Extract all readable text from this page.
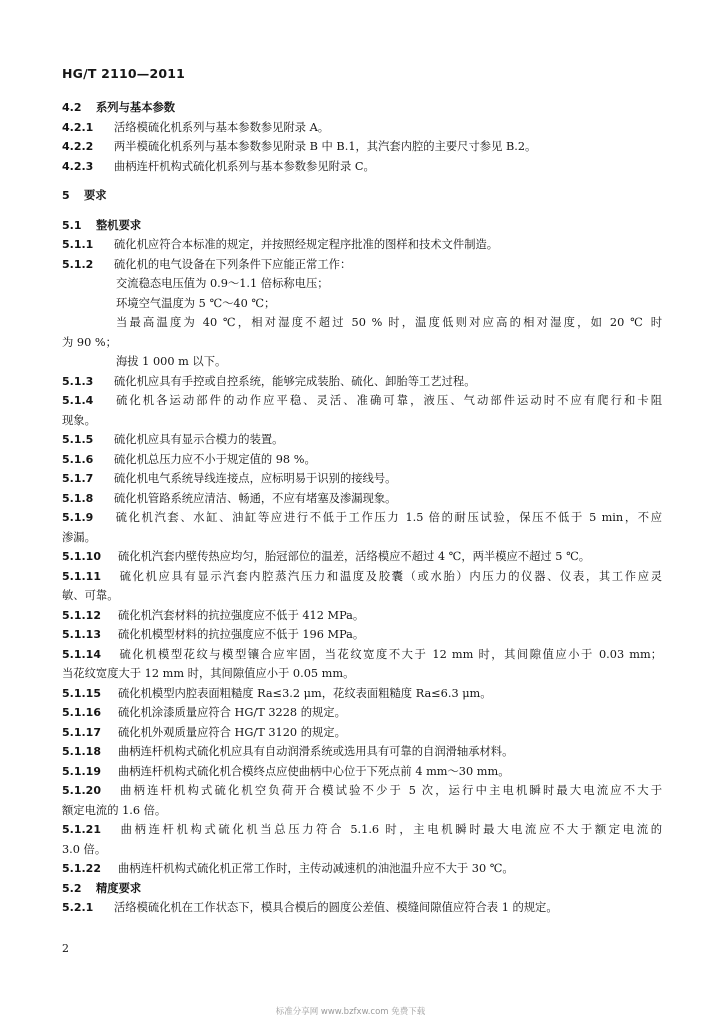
HG/T 2110—2011
4.2 系列与基本参数
4.2.1 活络模硫化机系列与基本参数参见附录 A。
4.2.2 两半模硫化机系列与基本参数参见附录 B 中 B.1，其汽套内腔的主要尺寸参见 B.2。
4.2.3 曲柄连杆机构式硫化机系列与基本参数参见附录 C。
5 要求
5.1 整机要求
5.1.1 硫化机应符合本标准的规定，并按照经规定程序批准的图样和技术文件制造。
5.1.2 硫化机的电气设备在下列条件下应能正常工作：
交流稳态电压值为 0.9～1.1 倍标称电压；
环境空气温度为 5 ℃～40 ℃；
当最高温度为 40 ℃，相对湿度不超过 50 % 时，温度低则对应高的相对湿度，如 20 ℃ 时
为 90 %；
海拔 1 000 m 以下。
5.1.3 硫化机应具有手控或自控系统，能够完成装胎、硫化、卸胎等工艺过程。
5.1.4 硫化机各运动部件的动作应平稳、灵活、准确可靠，液压、气动部件运动时不应有爬行和卡阻
现象。
5.1.5 硫化机应具有显示合模力的装置。
5.1.6 硫化机总压力应不小于规定值的 98 %。
5.1.7 硫化机电气系统导线连接点，应标明易于识别的接线号。
5.1.8 硫化机管路系统应清洁、畅通，不应有堵塞及渗漏现象。
5.1.9 硫化机汽套、水缸、油缸等应进行不低于工作压力 1.5 倍的耐压试验，保压不低于 5 min，不应
渗漏。
5.1.10 硫化机汽套内壁传热应均匀，胎冠部位的温差，活络模应不超过 4 ℃，两半模应不超过 5 ℃。
5.1.11 硫化机应具有显示汽套内腔蒸汽压力和温度及胶囊（或水胎）内压力的仪器、仪表，其工作应灵
敏、可靠。
5.1.12 硫化机汽套材料的抗拉强度应不低于 412 MPa。
5.1.13 硫化机模型材料的抗拉强度应不低于 196 MPa。
5.1.14 硫化机模型花纹与模型镶合应牢固，当花纹宽度不大于 12 mm 时，其间隙值应小于 0.03 mm；
当花纹宽度大于 12 mm 时，其间隙值应小于 0.05 mm。
5.1.15 硫化机模型内腔表面粗糙度 Ra≤3.2 μm，花纹表面粗糙度 Ra≤6.3 μm。
5.1.16 硫化机涂漆质量应符合 HG/T 3228 的规定。
5.1.17 硫化机外观质量应符合 HG/T 3120 的规定。
5.1.18 曲柄连杆机构式硫化机应具有自动润滑系统或选用具有可靠的自润滑轴承材料。
5.1.19 曲柄连杆机构式硫化机合模终点应使曲柄中心位于下死点前 4 mm～30 mm。
5.1.20 曲柄连杆机构式硫化机空负荷开合模试验不少于 5 次，运行中主电机瞬时最大电流应不大于
额定电流的 1.6 倍。
5.1.21 曲柄连杆机构式硫化机当总压力符合 5.1.6 时，主电机瞬时最大电流应不大于额定电流的
3.0 倍。
5.1.22 曲柄连杆机构式硫化机正常工作时，主传动减速机的油池温升应不大于 30 ℃。
5.2 精度要求
5.2.1 活络模硫化机在工作状态下，模具合模后的圆度公差值、模缝间隙值应符合表 1 的规定。
2
标准分享网 www.bzfxw.com 免费下载
